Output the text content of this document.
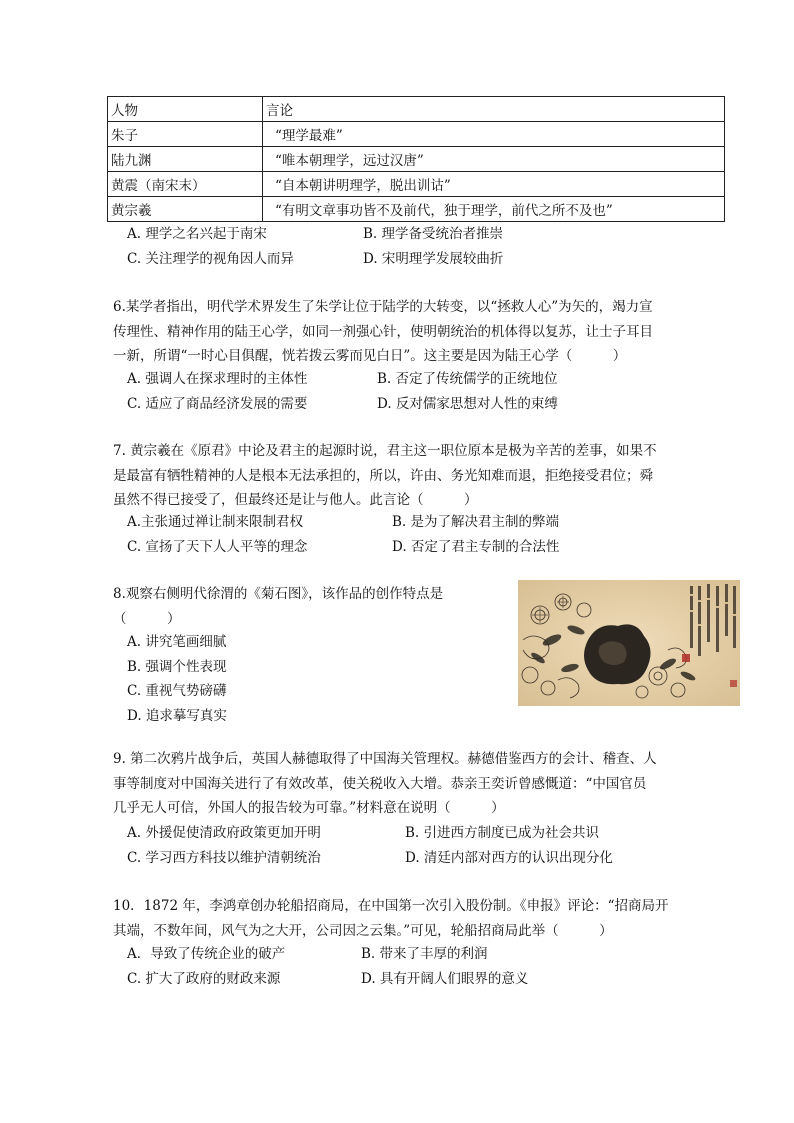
人物	言论
朱子	“理学最难”
陆九渊	“唯本朝理学，远过汉唐”
黄震（南宋末）	“自本朝讲明理学，脱出训诂”
黄宗羲	“有明文章事功皆不及前代，独于理学，前代之所不及也”
A. 理学之名兴起于南宋	B. 理学备受统治者推崇
C. 关注理学的视角因人而异	D. 宋明理学发展较曲折

6.某学者指出，明代学术界发生了朱学让位于陆学的大转变，以“拯救人心”为矢的，竭力宣

传理性、精神作用的陆王心学，如同一剂强心针，使明朝统治的机体得以复苏，让士子耳目

一新，所谓“一时心目俱醒，恍若拨云雾而见白日”。这主要是因为陆王心学（　　　）

A. 强调人在探求理时的主体性	B. 否定了传统儒学的正统地位
C. 适应了商品经济发展的需要	D. 反对儒家思想对人性的束缚

7. 黄宗羲在《原君》中论及君主的起源时说，君主这一职位原本是极为辛苦的差事，如果不

是最富有牺牲精神的人是根本无法承担的，所以，许由、务光知难而退，拒绝接受君位；舜

虽然不得已接受了，但最终还是让与他人。此言论（　　　）

A.主张通过禅让制来限制君权	B. 是为了解决君主制的弊端
C. 宣扬了天下人人平等的理念	D. 否定了君主专制的合法性

8.观察右侧明代徐渭的《菊石图》，该作品的创作特点是

（　　　）

A. 讲究笔画细腻
B. 强调个性表现
C. 重视气势磅礴
D. 追求摹写真实

9. 第二次鸦片战争后，英国人赫德取得了中国海关管理权。赫德借鉴西方的会计、稽查、人

事等制度对中国海关进行了有效改革，使关税收入大增。恭亲王奕䜣曾感慨道：“中国官员

几乎无人可信，外国人的报告较为可靠。”材料意在说明（　　　）

A. 外援促使清政府政策更加开明	B. 引进西方制度已成为社会共识
C. 学习西方科技以维护清朝统治	D. 清廷内部对西方的认识出现分化

10．1872 年，李鸿章创办轮船招商局，在中国第一次引入股份制。《申报》评论：“招商局开

其端，不数年间，风气为之大开，公司因之云集。”可见，轮船招商局此举（　　　）

A．导致了传统企业的破产	B. 带来了丰厚的利润
C. 扩大了政府的财政来源	D. 具有开阔人们眼界的意义
